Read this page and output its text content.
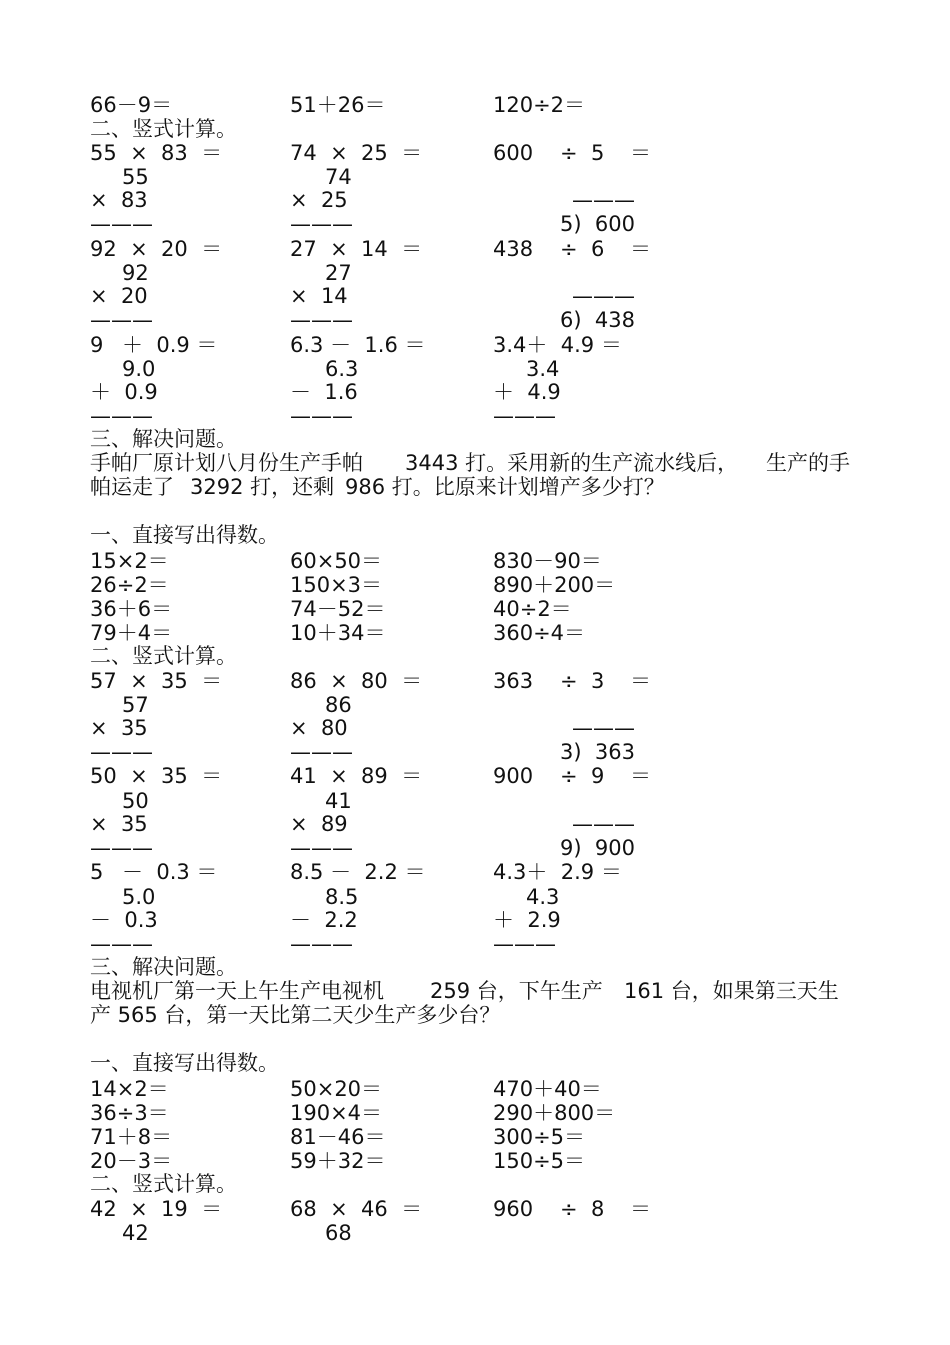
66－9＝	51＋26＝	120÷2＝
二、竖式计算。
55  ×  83  ＝	74  ×  25  ＝	600 ÷  5 ＝
55	74
×  83	×  25	———
———	———	5)  600
92  ×  20  ＝	27  ×  14  ＝	438 ÷  6 ＝
92	27
×  20	×  14	———
———	———	6)  438
9 ＋  0.9 ＝	6.3 －  1.6 ＝	3.4＋  4.9 ＝
9.0	6.3	3.4
＋  0.9	－  1.6	＋  4.9
———	———	———
三、解决问题。
手帕厂原计划八月份生产手帕 3443 打。采用新的生产流水线后， 生产的手
帕运走了 3292 打，还剩 986 打。比原来计划增产多少打？
一、直接写出得数。
15×2＝	60×50＝	830－90＝
26÷2＝	150×3＝	890＋200＝
36＋6＝	74－52＝	40÷2＝
79＋4＝	10＋34＝	360÷4＝
二、竖式计算。
57  ×  35  ＝	86  ×  80  ＝	363 ÷  3 ＝
57	86
×  35	×  80	———
———	———	3)  363
50  ×  35  ＝	41  ×  89  ＝	900 ÷  9 ＝
50	41
×  35	×  89	———
———	———	9)  900
5 －  0.3 ＝	8.5 －  2.2 ＝	4.3＋  2.9 ＝
5.0	8.5	4.3
－  0.3	－  2.2	＋  2.9
———	———	———
三、解决问题。
电视机厂第一天上午生产电视机 259 台，下午生产 161 台，如果第三天生
产 565 台，第一天比第二天少生产多少台？
一、直接写出得数。
14×2＝	50×20＝	470＋40＝
36÷3＝	190×4＝	290＋800＝
71＋8＝	81－46＝	300÷5＝
20－3＝	59＋32＝	150÷5＝
二、竖式计算。
42  ×  19  ＝	68  ×  46  ＝	960 ÷  8 ＝
42	68
